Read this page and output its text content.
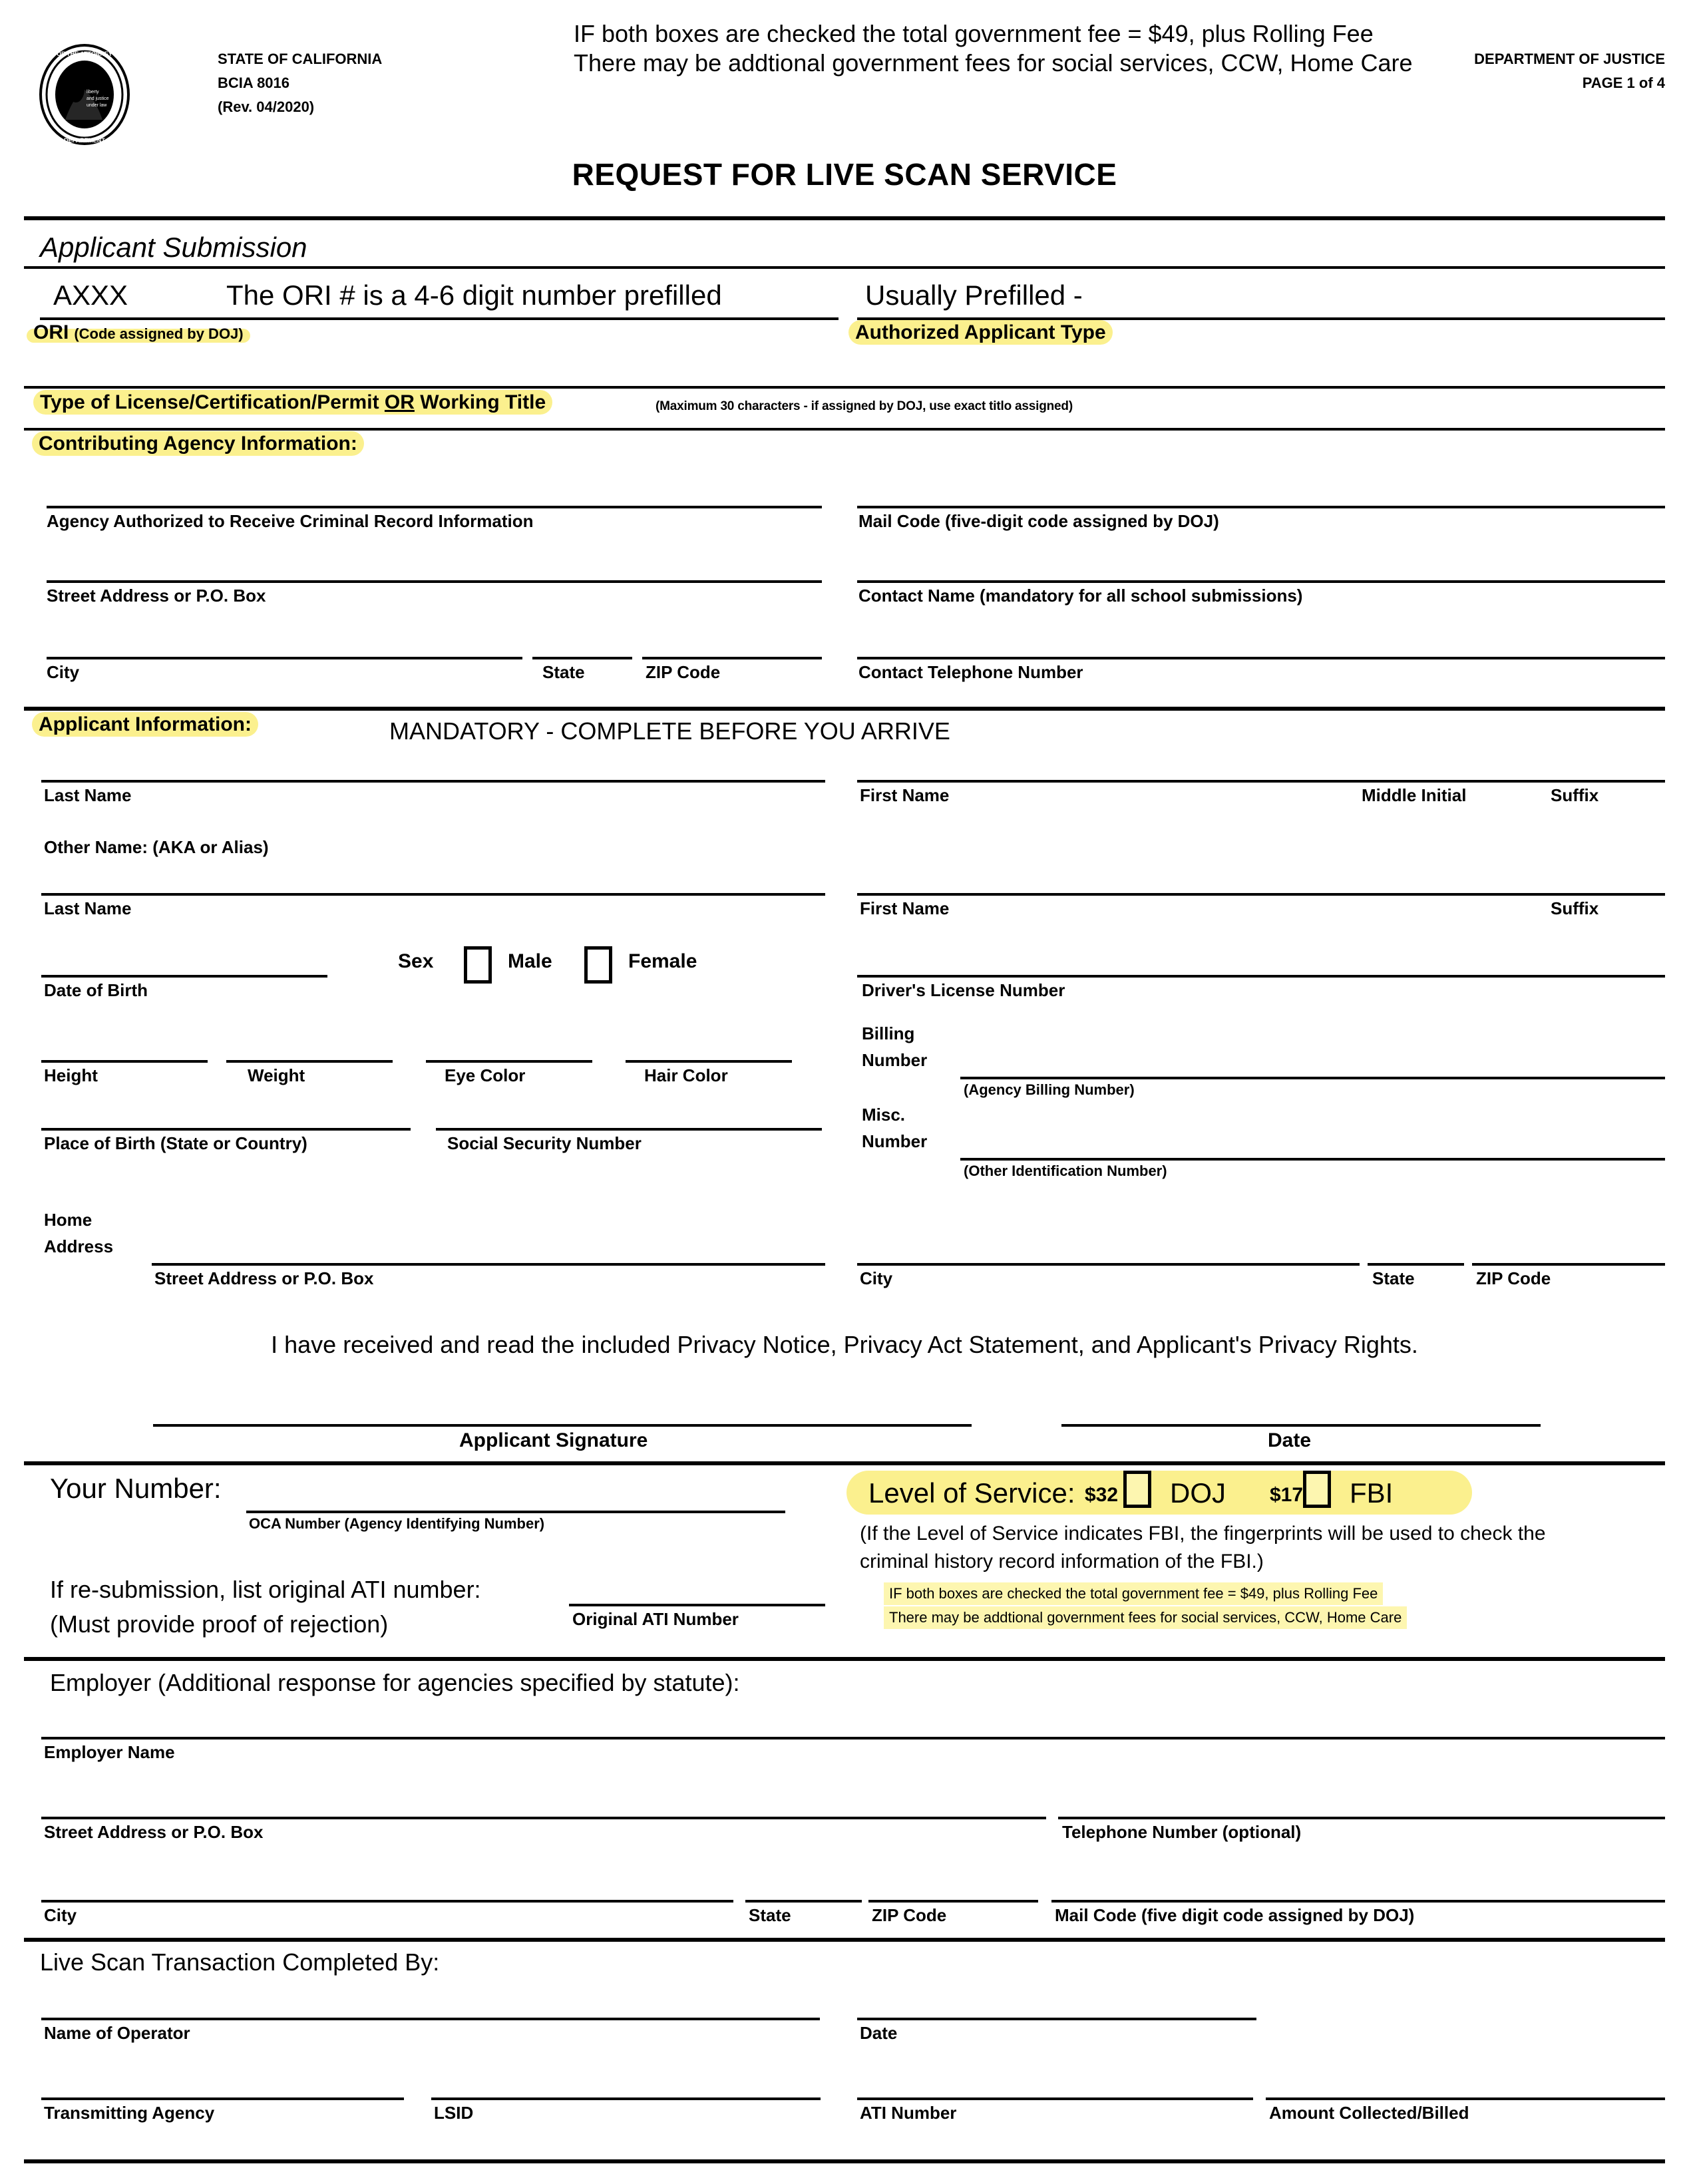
OF THE ATTORNEY
DEPARTMENT
liberty
and justice
under law
STATE OF CALIFORNIA
BCIA 8016
(Rev. 04/2020)
IF both boxes are checked the total government fee = $49, plus Rolling Fee
There may be addtional government fees for social services, CCW, Home Care	DEPARTMENT OF JUSTICE
PAGE 1 of 4
REQUEST FOR LIVE SCAN SERVICE
Applicant Submission
AXXX	The ORI # is a 4-6 digit number prefilled
ORI (Code assigned by DOJ)
Usually Prefilled -
Authorized Applicant Type
Type of License/Certification/Permit OR Working Title	(Maximum 30 characters - if assigned by DOJ, use exact titlo assigned)
Contributing Agency Information:
Agency Authorized to Receive Criminal Record Information	Mail Code (five-digit code assigned by DOJ)
Street Address or P.O. Box	Contact Name (mandatory for all school submissions)
City	State	ZIP Code	Contact Telephone Number
Applicant Information:	MANDATORY - COMPLETE BEFORE YOU ARRIVE
Last Name	First Name	Middle Initial	Suffix
Other Name: (AKA or Alias)
Last Name	First Name	Suffix
Sex	Male	Female
Date of Birth	Driver's License Number
Billing
Number
(Agency Billing Number)
Height	Weight	Eye Color	Hair Color
Place of Birth (State or Country)	Social Security Number
Misc.
Number
(Other Identification Number)
Home
Address
Street Address or P.O. Box	City	State	ZIP Code
I have received and read the included Privacy Notice, Privacy Act Statement, and Applicant's Privacy Rights.
Applicant Signature	Date
Your Number:
OCA Number (Agency Identifying Number)
If re-submission, list original ATI number:
(Must provide proof of rejection)	Original ATI Number
Level of Service: $32 DOJ $17 FBI
(If the Level of Service indicates FBI, the fingerprints will be used to check the
criminal history record information of the FBI.)
IF both boxes are checked the total government fee = $49, plus Rolling Fee
There may be addtional government fees for social services, CCW, Home Care
Employer (Additional response for agencies specified by statute):
Employer Name
Street Address or P.O. Box	Telephone Number (optional)
City	State	ZIP Code	Mail Code (five digit code assigned by DOJ)
Live Scan Transaction Completed By:
Name of Operator	Date
Transmitting Agency	LSID	ATI Number	Amount Collected/Billed
